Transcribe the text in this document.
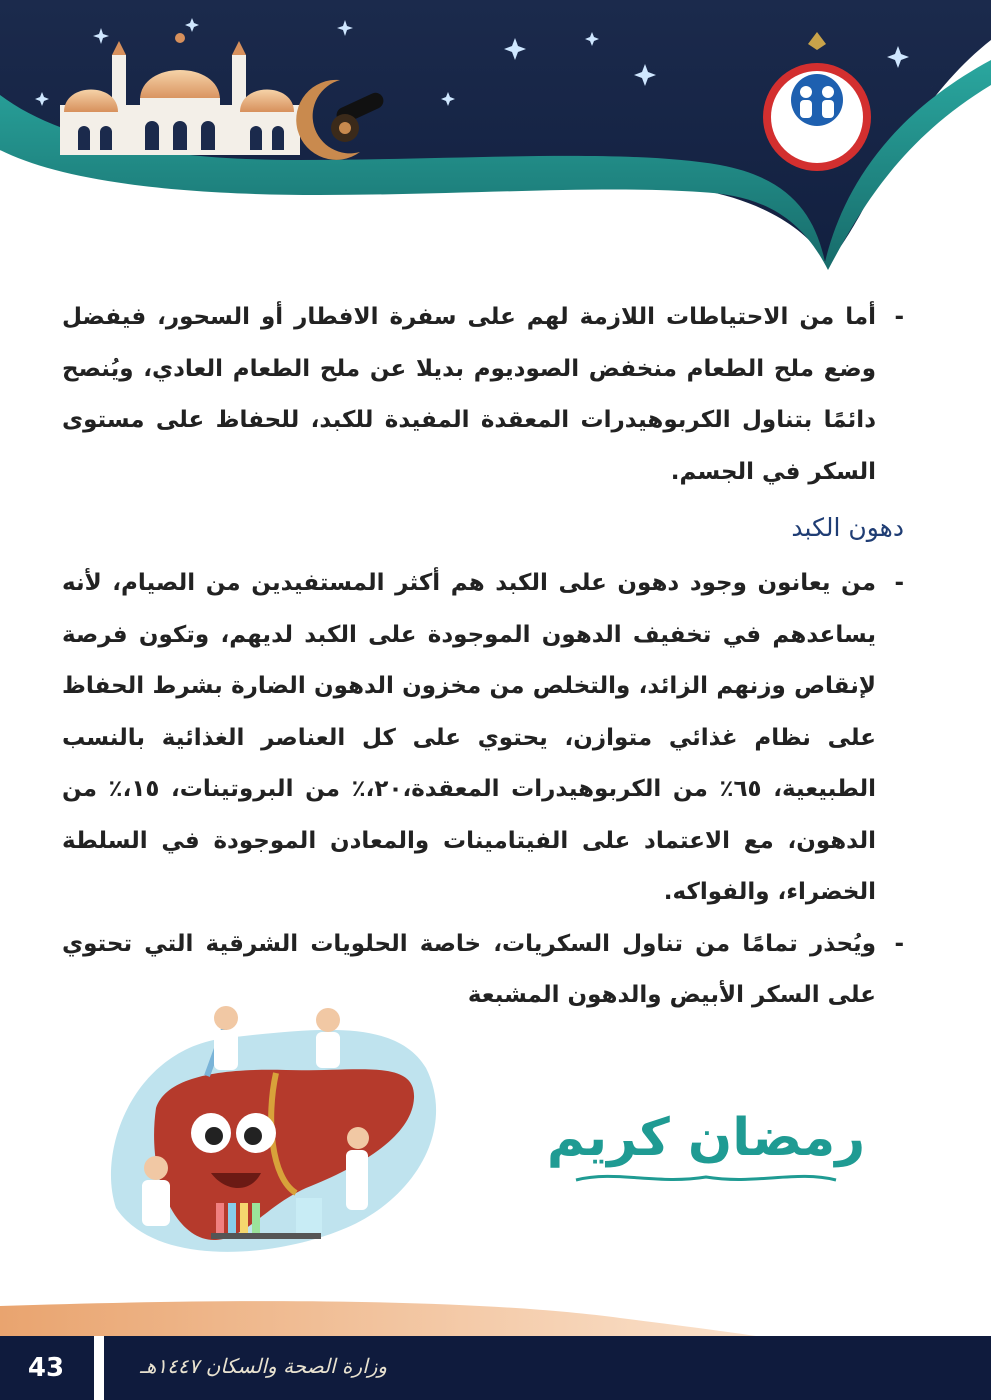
-
أما من الاحتياطات اللازمة لهم على سفرة الافطار أو السحور، فيفضل وضع ملح الطعام منخفض الصوديوم بديلا عن ملح الطعام العادي، ويُنصح دائمًا بتناول الكربوهيدرات المعقدة المفيدة للكبد، للحفاظ على مستوى السكر في الجسم.

دهون الكبد

-
من يعانون وجود دهون على الكبد هم أكثر المستفيدين من الصيام، لأنه يساعدهم في تخفيف الدهون الموجودة على الكبد لديهم، وتكون فرصة لإنقاص وزنهم الزائد، والتخلص من مخزون الدهون الضارة بشرط الحفاظ على نظام غذائي متوازن، يحتوي على كل العناصر الغذائية بالنسب الطبيعية، ٦٥٪ من الكربوهيدرات المعقدة،٢٠،٪ من البروتينات، ١٥،٪ من الدهون، مع الاعتماد على الفيتامينات والمعادن الموجودة في السلطة الخضراء، والفواكه.

-
ويُحذر تمامًا من تناول السكريات، خاصة الحلويات الشرقية التي تحتوي على السكر الأبيض والدهون المشبعة

رمضان كريم
43	وزارة الصحة والسكان ١٤٤٧هـ
